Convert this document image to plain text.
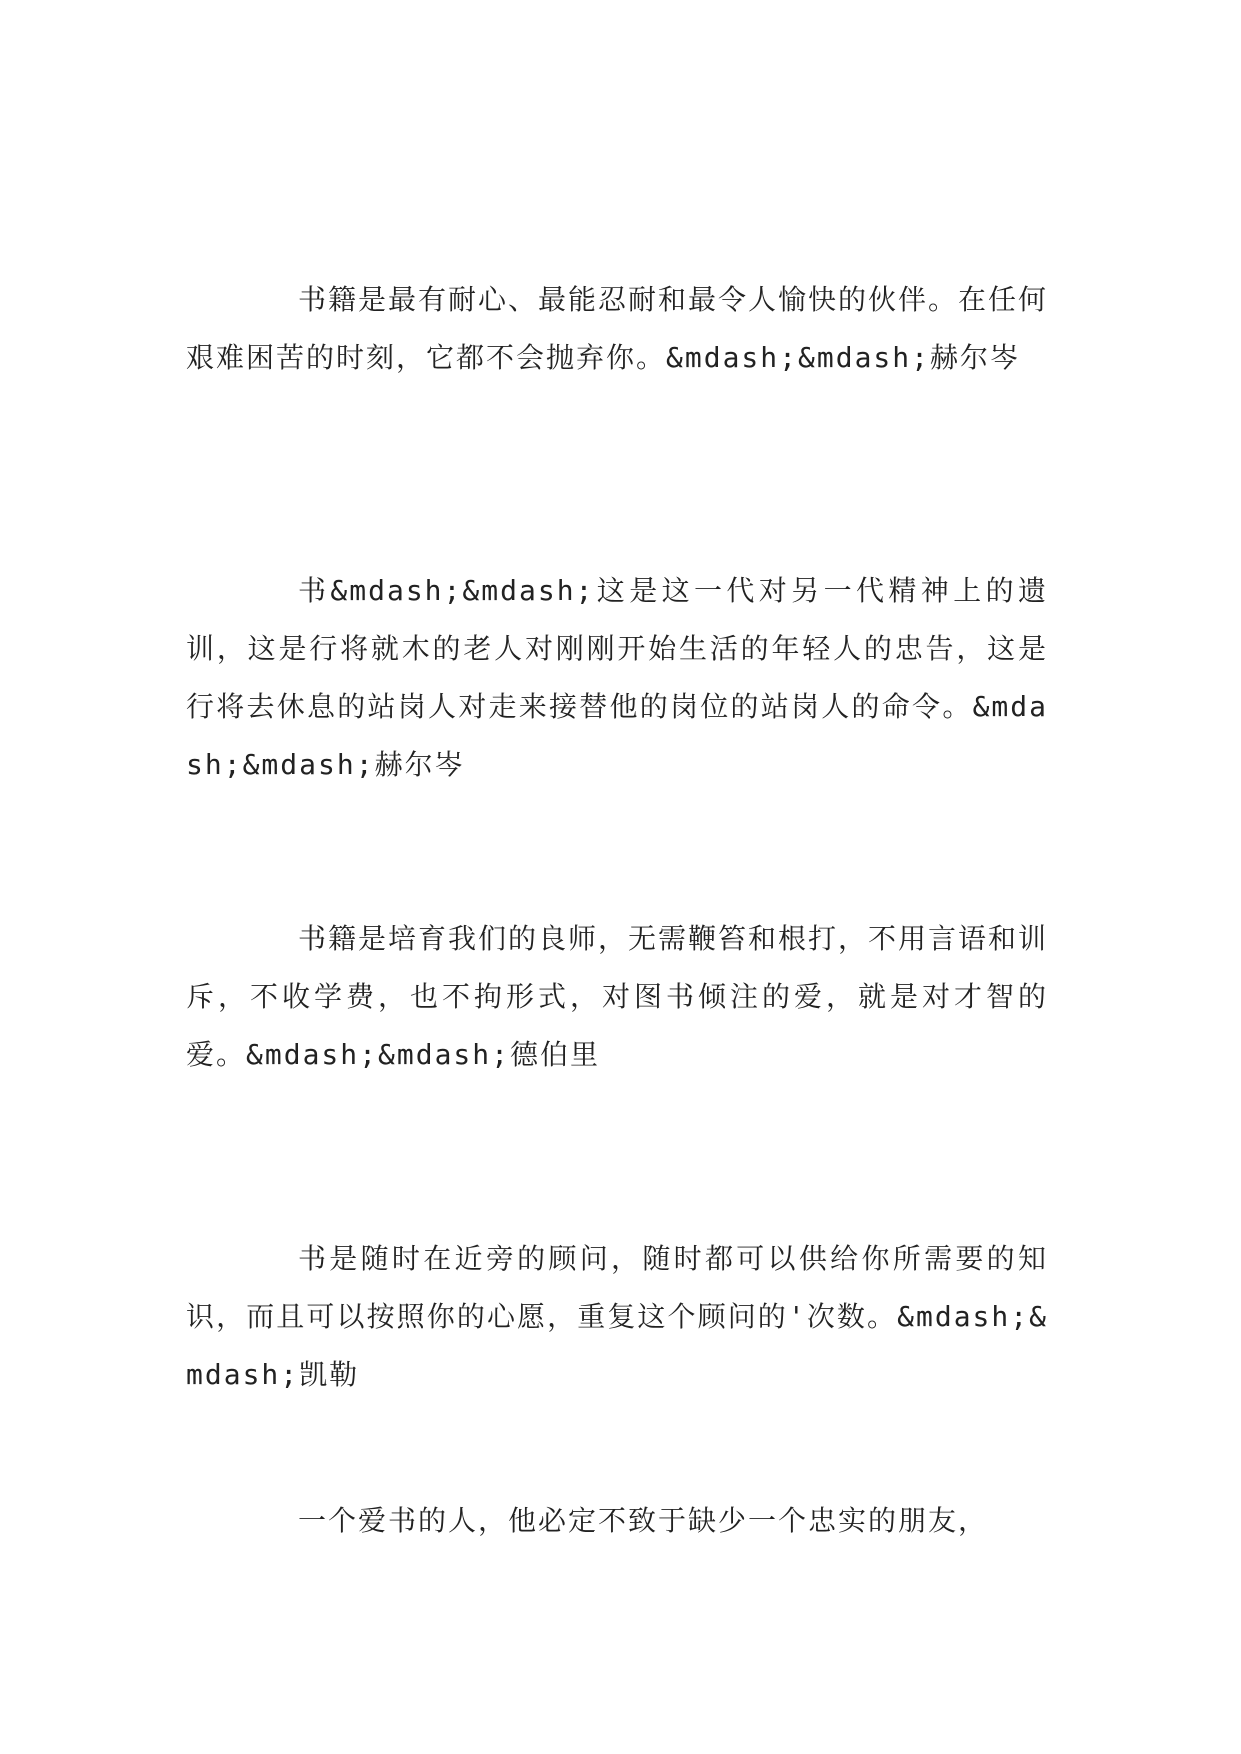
书籍是最有耐心、最能忍耐和最令人愉快的伙伴。在任何艰难困苦的时刻，它都不会抛弃你。&mdash;&mdash;赫尔岑

书&mdash;&mdash;这是这一代对另一代精神上的遗训，这是行将就木的老人对刚刚开始生活的年轻人的忠告，这是行将去休息的站岗人对走来接替他的岗位的站岗人的命令。&mdash;&mdash;赫尔岑

书籍是培育我们的良师，无需鞭笞和根打，不用言语和训斥，不收学费，也不拘形式，对图书倾注的爱，就是对才智的爱。&mdash;&mdash;德伯里

书是随时在近旁的顾问，随时都可以供给你所需要的知识，而且可以按照你的心愿，重复这个顾问的'次数。&mdash;&mdash;凯勒

一个爱书的人，他必定不致于缺少一个忠实的朋友，
